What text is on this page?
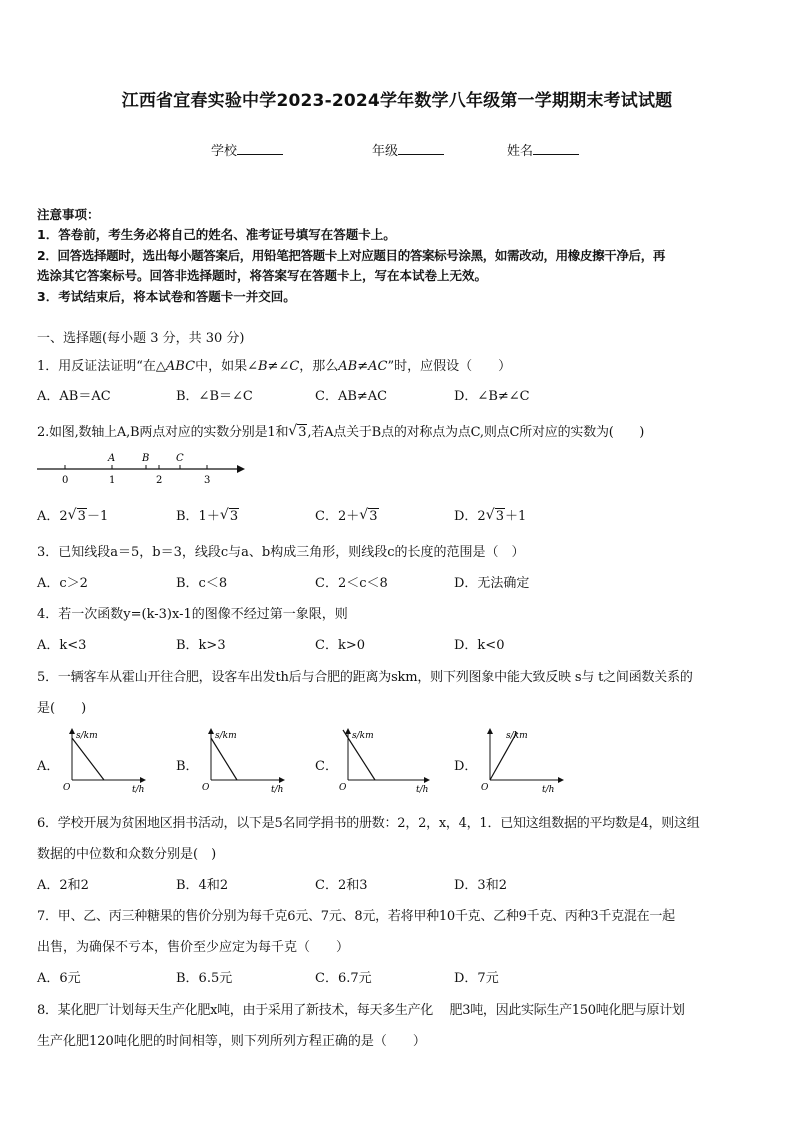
江西省宜春实验中学2023-2024学年数学八年级第一学期期末考试试题
学校	年级	姓名
注意事项：
1．答卷前，考生务必将自己的姓名、准考证号填写在答题卡上。
2．回答选择题时，选出每小题答案后，用铅笔把答题卡上对应题目的答案标号涂黑，如需改动，用橡皮擦干净后，再
选涂其它答案标号。回答非选择题时，将答案写在答题卡上，写在本试卷上无效。
3．考试结束后，将本试卷和答题卡一并交回。
一、选择题(每小题 3 分，共 30 分)
1．用反证法证明“在△ABC中，如果∠B≠∠C，那么AB≠AC”时，应假设（　　）
A．AB＝AC	B．∠B＝∠C	C．AB≠AC	D．∠B≠∠C
2.如图,数轴上A,B两点对应的实数分别是1和 √ 3,若A点关于B点的对称点为点C,则点C所对应的实数为(　　)
0	1	2	3
A	B	C
A．2 √ 3－1	B．1＋ √ 3	C．2＋ √ 3	D．2 √ 3＋1
3．已知线段a＝5，b＝3，线段c与a、b构成三角形，则线段c的长度的范围是（　）
A．c＞2	B．c＜8	C．2＜c＜8	D．无法确定
4．若一次函数y=(k-3)x-1的图像不经过第一象限，则
A．k<3	B．k>3	C．k>0	D．k<0
5．一辆客车从霍山开往合肥，设客车出发th后与合肥的距离为skm，则下列图象中能大致反映 s与 t之间函数关系的
是(　　)
A．	B．	C．	D．
s/km
t/h
O
s/km
t/h
O
s/km
t/h
O
s/km
t/h
O
6．学校开展为贫困地区捐书活动，以下是5名同学捐书的册数：2，2，x，4，1．已知这组数据的平均数是4，则这组
数据的中位数和众数分别是(　)
A．2和2	B．4和2	C．2和3	D．3和2
7．甲、乙、丙三种糖果的售价分别为每千克6元、7元、8元，若将甲种10千克、乙种9千克、丙种3千克混在一起
出售，为确保不亏本，售价至少应定为每千克（　　）
A．6元	B．6.5元	C．6.7元	D．7元
8．某化肥厂计划每天生产化肥x吨，由于采用了新技术，每天多生产化　 肥3吨，因此实际生产150吨化肥与原计划
生产化肥120吨化肥的时间相等，则下列所列方程正确的是（　　）
